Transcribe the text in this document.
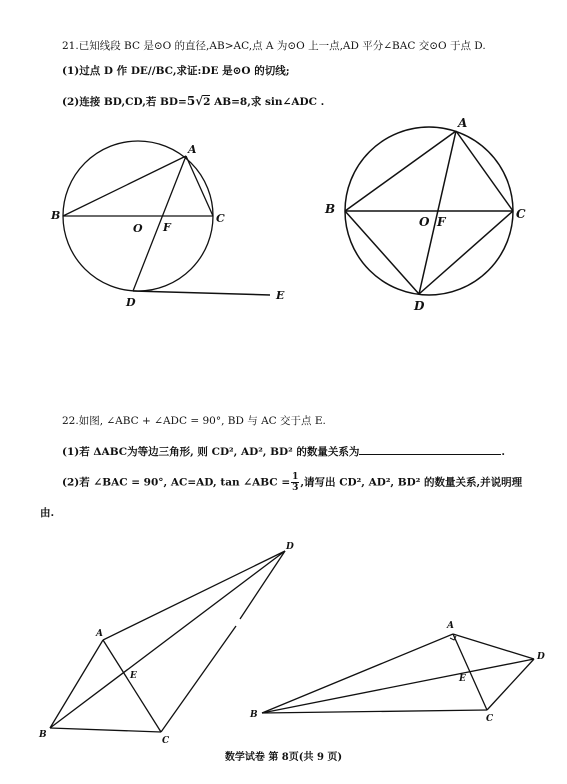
21.已知线段 BC 是⊙O 的直径,AB>AC,点 A 为⊙O 上一点,AD 平分∠BAC 交⊙O 于点 D.
(1)过点 D 作 DE//BC,求证:DE 是⊙O 的切线;
(2)连接 BD,CD,若 BD=5√2 AB=8,求 sin∠ADC .
A
B	C
O F
D
E
A
B	C
O F
D
A
B
C
D
E
A
B	C
D
E
22.如图, ∠ABC + ∠ADC = 90°, BD 与 AC 交于点 E.
(1)若 ΔABC为等边三角形, 则 CD², AD², BD² 的数量关系为	.
(2)若 ∠BAC = 90°, AC=AD, tan ∠ABC = $\frac{1}{3}$ ,请写出 CD², AD², BD² 的数量关系,并说明理
由.
数学试卷 第 8页(共 9 页)
